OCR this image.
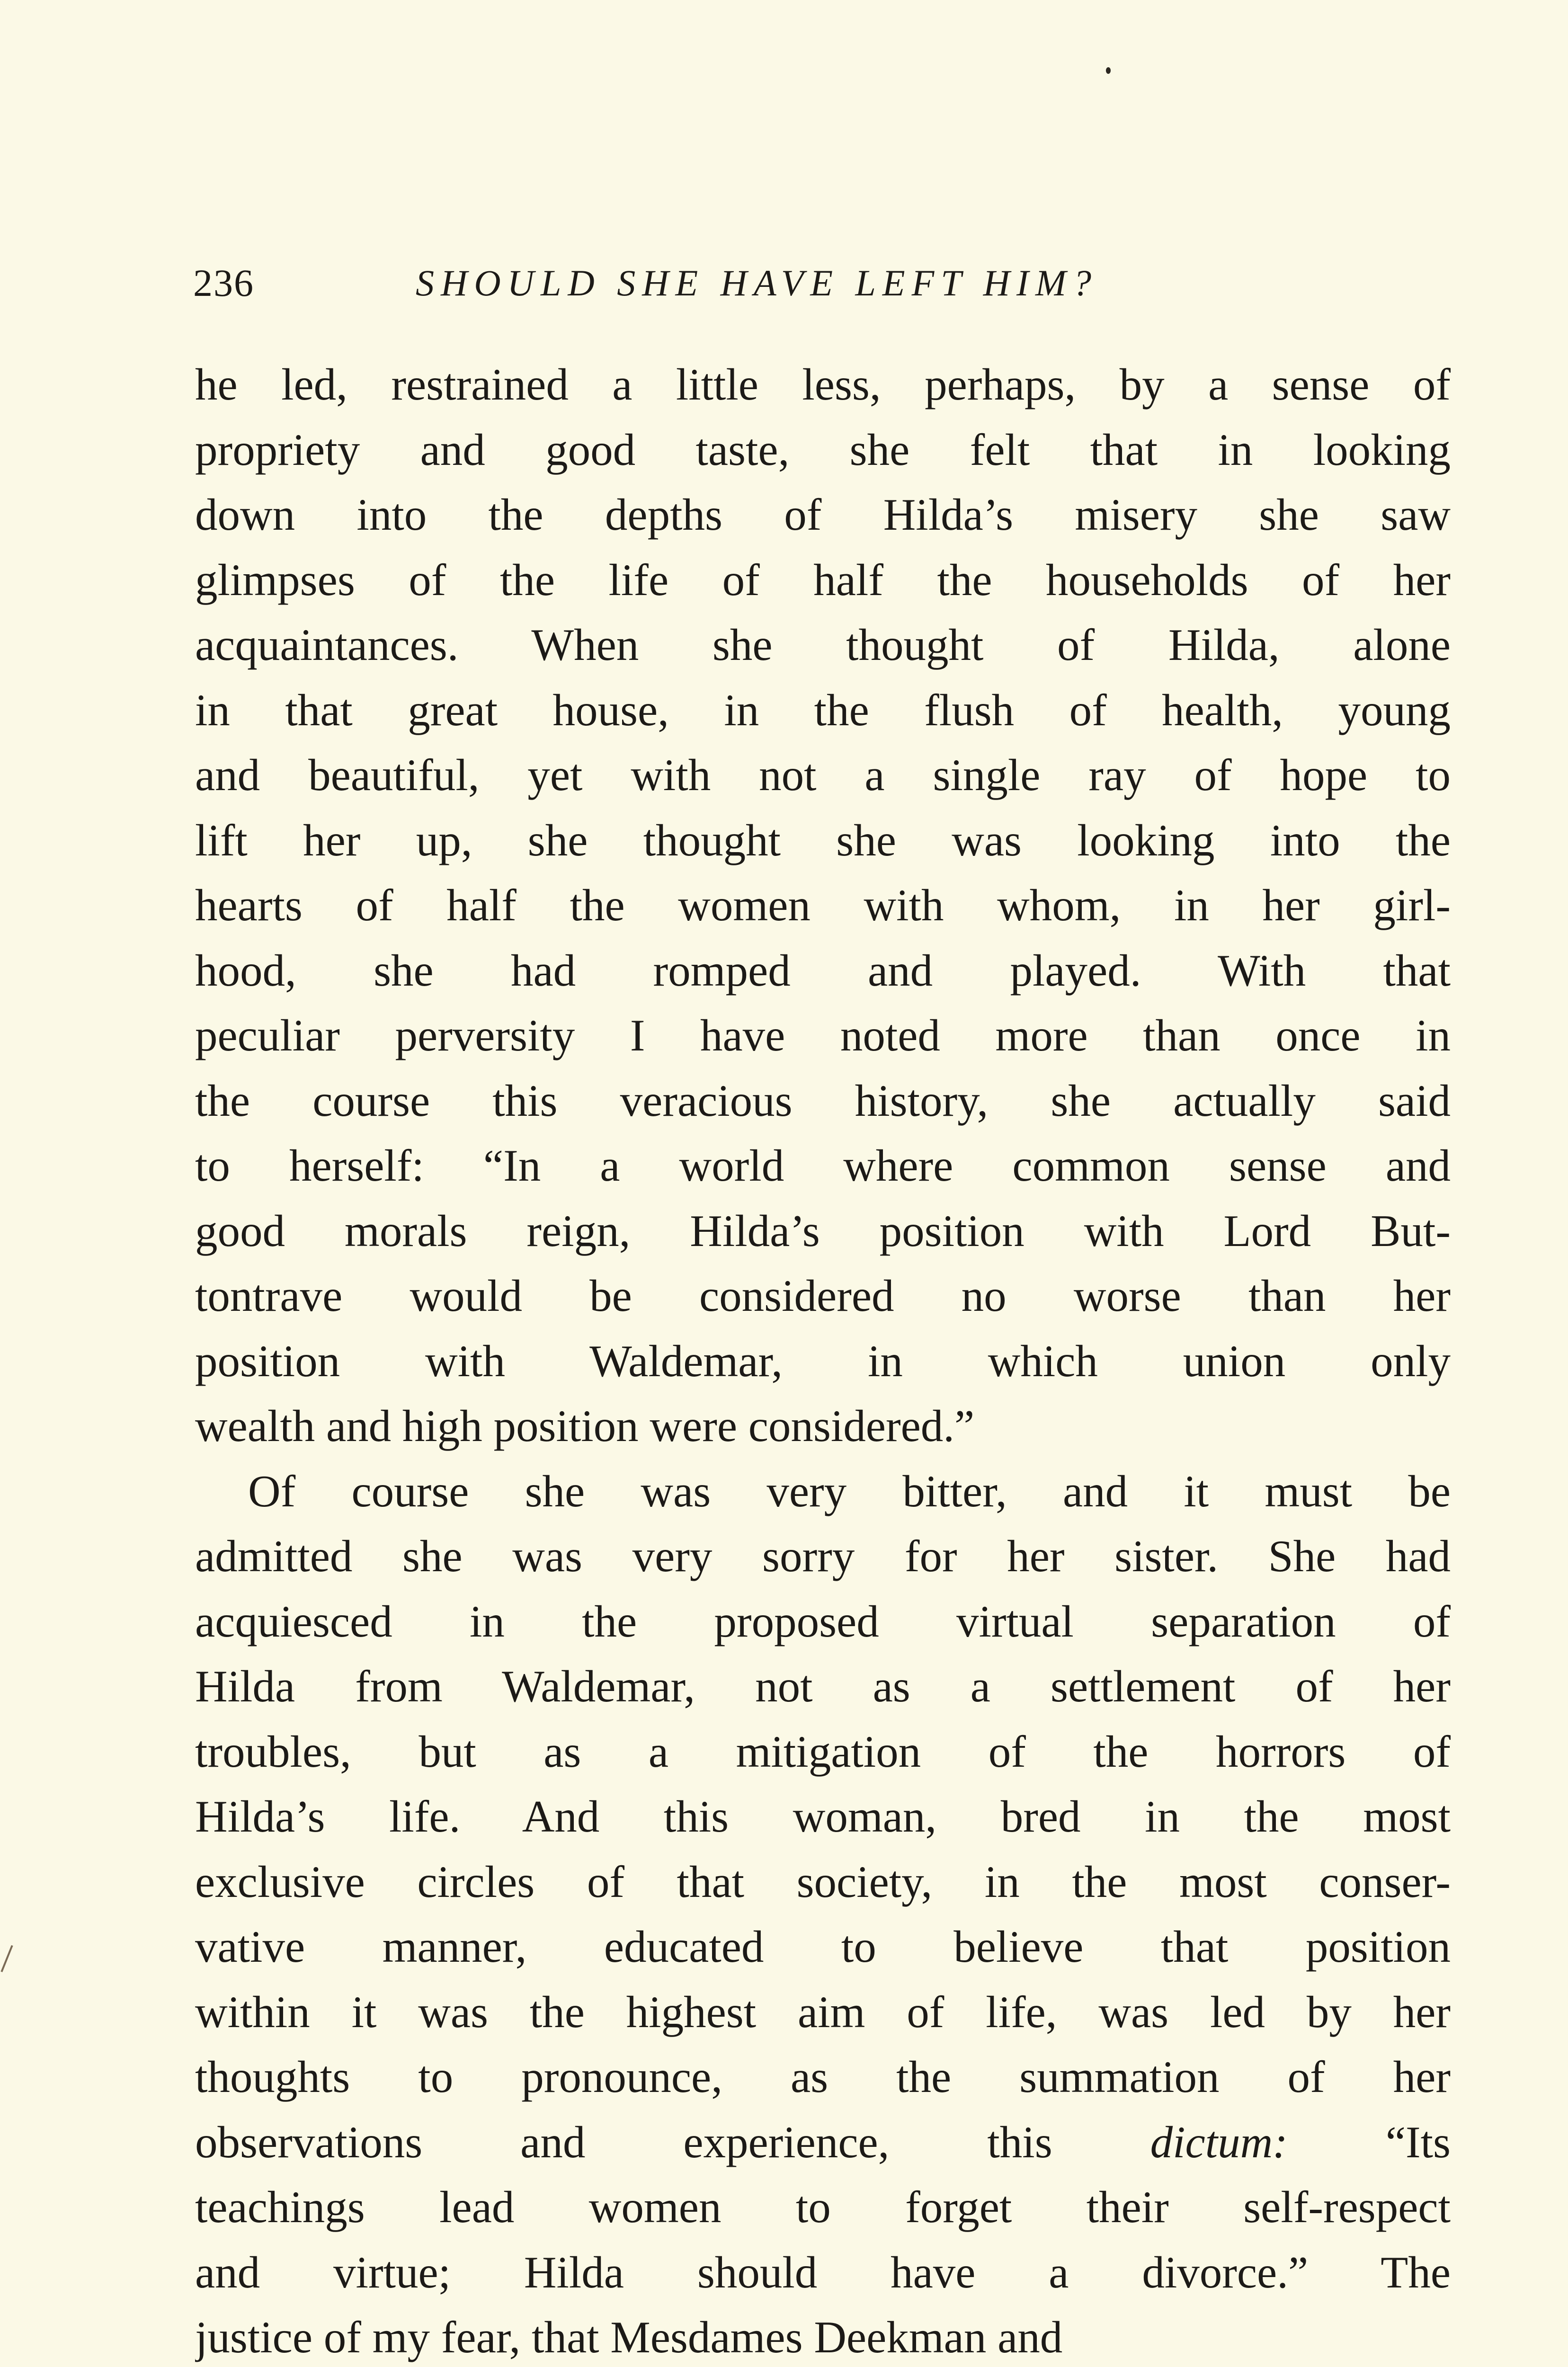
236	SHOULD SHE HAVE LEFT HIM?
he led, restrained a little less, perhaps, by a sense of
propriety and good taste, she felt that in looking
down into the depths of Hilda’s misery she saw
glimpses of the life of half the households of her
acquaintances. When she thought of Hilda, alone
in that great house, in the flush of health, young
and beautiful, yet with not a single ray of hope to
lift her up, she thought she was looking into the
hearts of half the women with whom, in her girl-
hood, she had romped and played. With that
peculiar perversity I have noted more than once in
the course this veracious history, she actually said
to herself: “In a world where common sense and
good morals reign, Hilda’s position with Lord But-
tontrave would be considered no worse than her
position with Waldemar, in which union only
wealth and high position were considered.”
Of course she was very bitter, and it must be
admitted she was very sorry for her sister. She had
acquiesced in the proposed virtual separation of
Hilda from Waldemar, not as a settlement of her
troubles, but as a mitigation of the horrors of
Hilda’s life. And this woman, bred in the most
exclusive circles of that society, in the most conser-
vative manner, educated to believe that position
within it was the highest aim of life, was led by her
thoughts to pronounce, as the summation of her
observations and experience, this dictum: “Its
teachings lead women to forget their self-respect
and virtue; Hilda should have a divorce.” The
justice of my fear, that Mesdames Deekman and
